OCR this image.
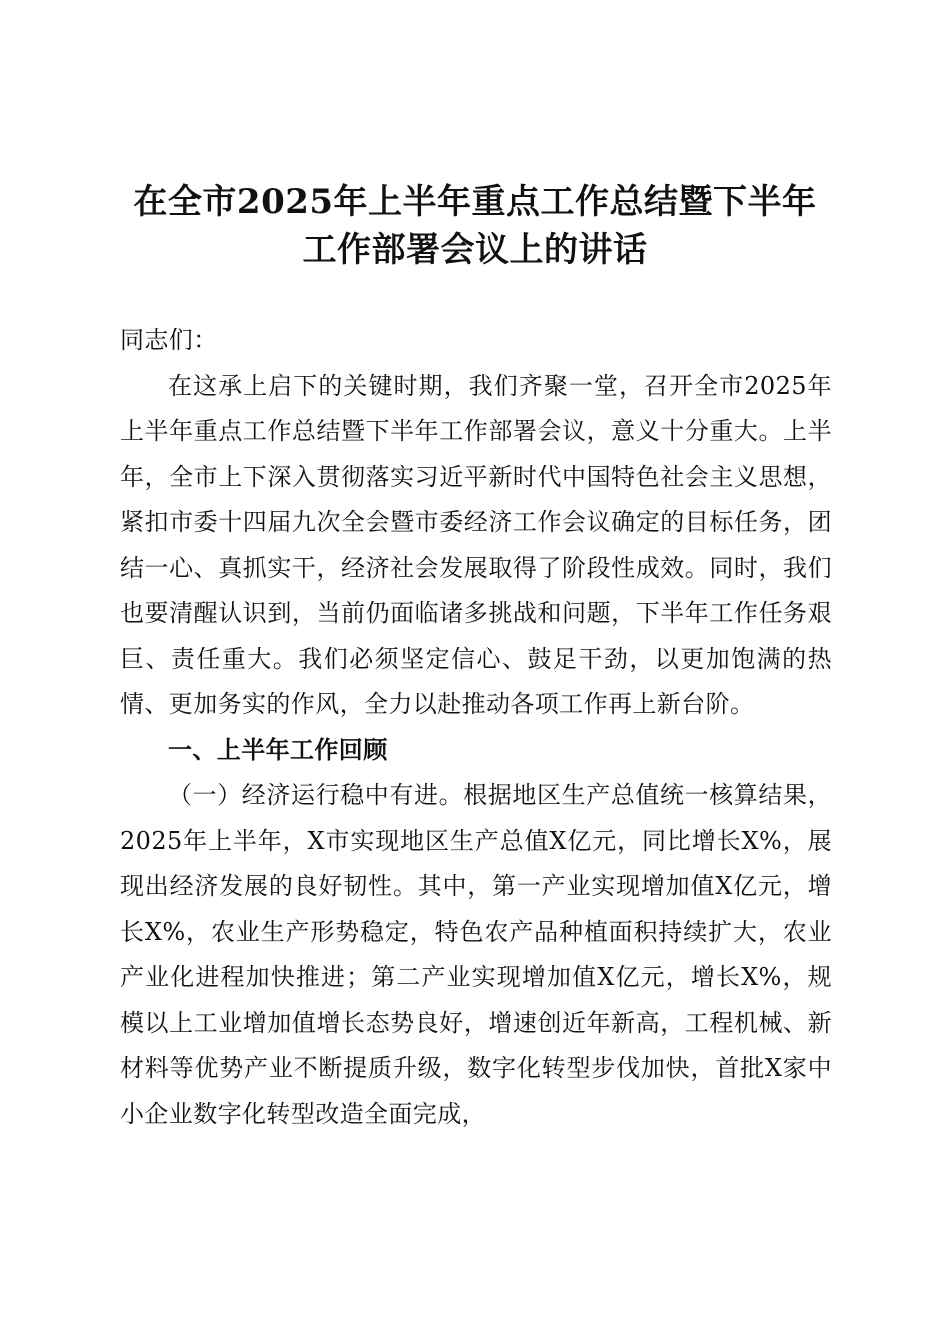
在全市2025年上半年重点工作总结暨下半年
工作部署会议上的讲话

同志们：

在这承上启下的关键时期，我们齐聚一堂，召开全市2025年上半年重点工作总结暨下半年工作部署会议，意义十分重大。上半年，全市上下深入贯彻落实习近平新时代中国特色社会主义思想，紧扣市委十四届九次全会暨市委经济工作会议确定的目标任务，团结一心、真抓实干，经济社会发展取得了阶段性成效。同时，我们也要清醒认识到，当前仍面临诸多挑战和问题，下半年工作任务艰巨、责任重大。我们必须坚定信心、鼓足干劲，以更加饱满的热情、更加务实的作风，全力以赴推动各项工作再上新台阶。

一、上半年工作回顾

（一）经济运行稳中有进。根据地区生产总值统一核算结果，2025年上半年，X市实现地区生产总值X亿元，同比增长X%，展现出经济发展的良好韧性。其中，第一产业实现增加值X亿元，增长X%，农业生产形势稳定，特色农产品种植面积持续扩大，农业产业化进程加快推进；第二产业实现增加值X亿元，增长X%，规模以上工业增加值增长态势良好，增速创近年新高，工程机械、新材料等优势产业不断提质升级，数字化转型步伐加快，首批X家中小企业数字化转型改造全面完成，
